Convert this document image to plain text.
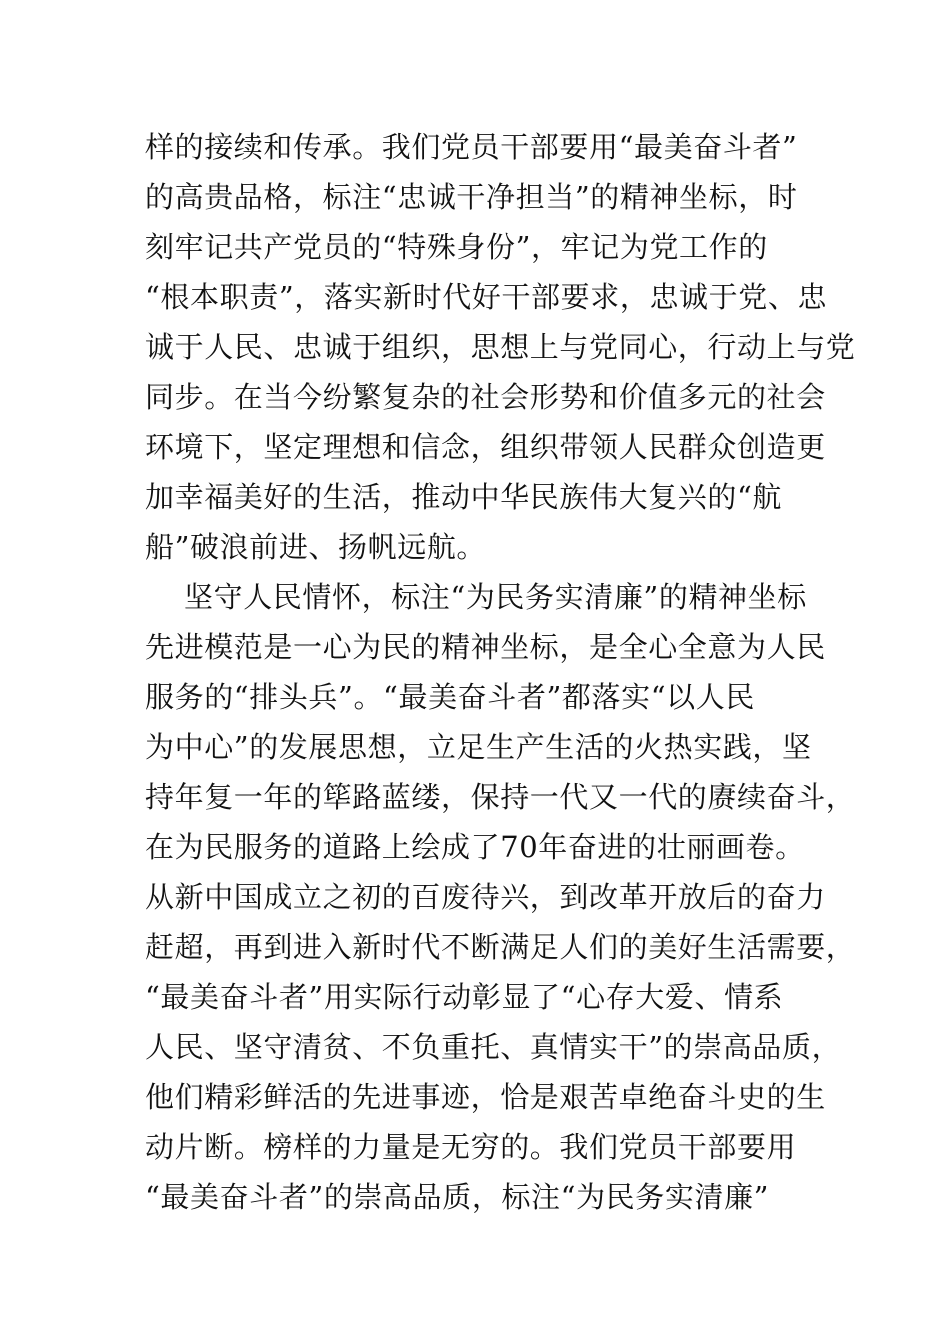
样的接续和传承。我们党员干部要用“最美奋斗者”
的高贵品格，标注“忠诚干净担当”的精神坐标，时
刻牢记共产党员的“特殊身份”，牢记为党工作的
“根本职责”，落实新时代好干部要求，忠诚于党、忠
诚于人民、忠诚于组织，思想上与党同心，行动上与党
同步。在当今纷繁复杂的社会形势和价值多元的社会
环境下，坚定理想和信念，组织带领人民群众创造更
加幸福美好的生活，推动中华民族伟大复兴的“航
船”破浪前进、扬帆远航。
坚守人民情怀，标注“为民务实清廉”的精神坐标
先进模范是一心为民的精神坐标，是全心全意为人民
服务的“排头兵”。“最美奋斗者”都落实“以人民
为中心”的发展思想，立足生产生活的火热实践，坚
持年复一年的筚路蓝缕，保持一代又一代的赓续奋斗，
在为民服务的道路上绘成了70年奋进的壮丽画卷。
从新中国成立之初的百废待兴，到改革开放后的奋力
赶超，再到进入新时代不断满足人们的美好生活需要，
“最美奋斗者”用实际行动彰显了“心存大爱、情系
人民、坚守清贫、不负重托、真情实干”的崇高品质，
他们精彩鲜活的先进事迹，恰是艰苦卓绝奋斗史的生
动片断。榜样的力量是无穷的。我们党员干部要用
“最美奋斗者”的崇高品质，标注“为民务实清廉”
